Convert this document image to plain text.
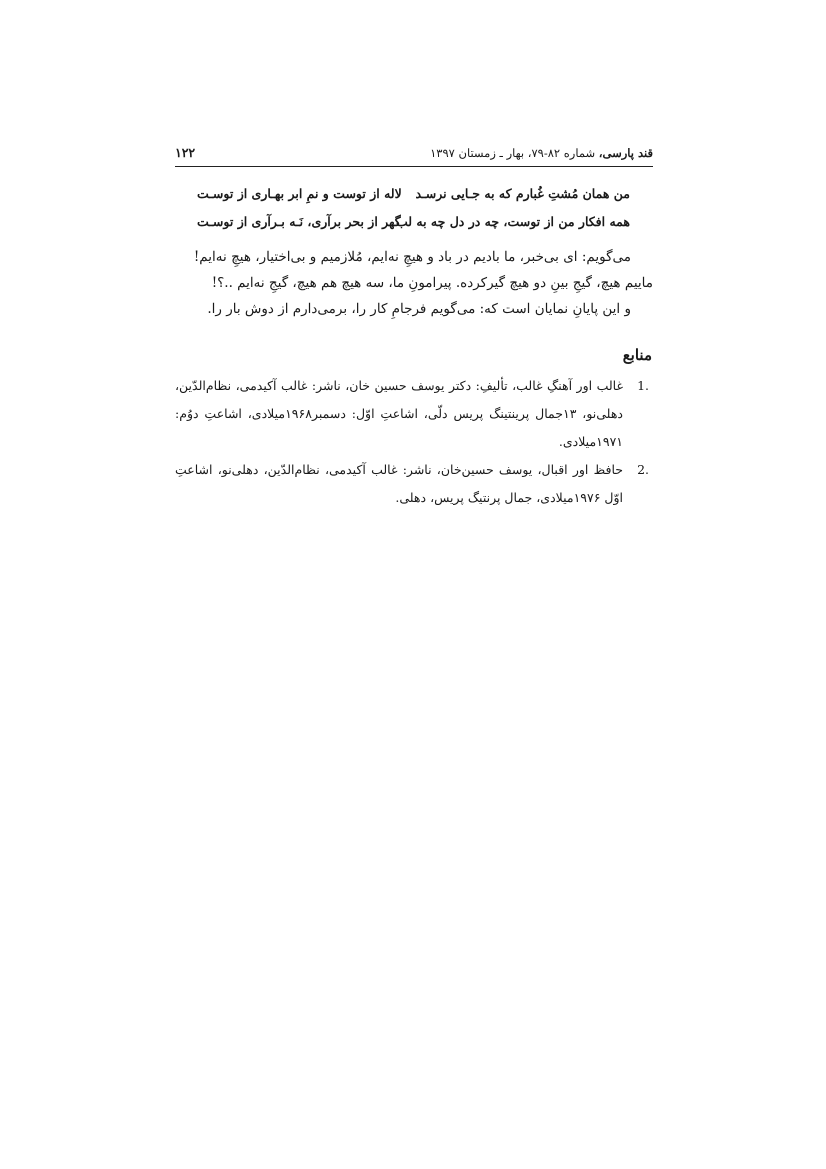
قند پارسی، شماره ۸۲-۷۹، بهار ـ زمستان ۱۳۹۷
۱۲۲
من همان مُشتِ غُبارم که به جـایی نرسـد
لاله از توست و نمِ ابر بهـاری از توسـت
همه افکار من از توست، چه در دل چه به لب
گهر از بحر برآری، نَـه بـرآری از توسـت

می‌گویم: ای بی‌خبر، ما بادیم در باد و هیچِ نه‌ایم، مُلازمیم و بی‌اختیار، هیچِ نه‌ایم!

ماییم هیچ، گیجِ بینِ دو هیچ گیرکرده. پیرامونِ ما، سه هیچ هم هیچ، گیجِ نه‌ایم ..؟!

و این پایانِ نمایان است که: می‌گویم فرجامِ کار را، برمی‌دارم از دوش بار را.

منابع
.1
غالب اور آهنگِ غالب، تألیفِ: دکتر یوسف حسین خان، ناشر: غالب آکیدمی، نظام‌الدّین، دهلی‌نو، ۱۳جمال پرینتینگ پریس دلّی، اشاعتِ اوّل: دسمبر۱۹۶۸میلادی، اشاعتِ دوُم: ۱۹۷۱میلادی.
.2
حافظ اور اقبال، یوسف حسین‌خان، ناشر: غالب آکیدمی، نظام‌الدّین، دهلی‌نو، اشاعتِ اوّل ۱۹۷۶میلادی، جمال پرنتیگ پریس، دهلی.
